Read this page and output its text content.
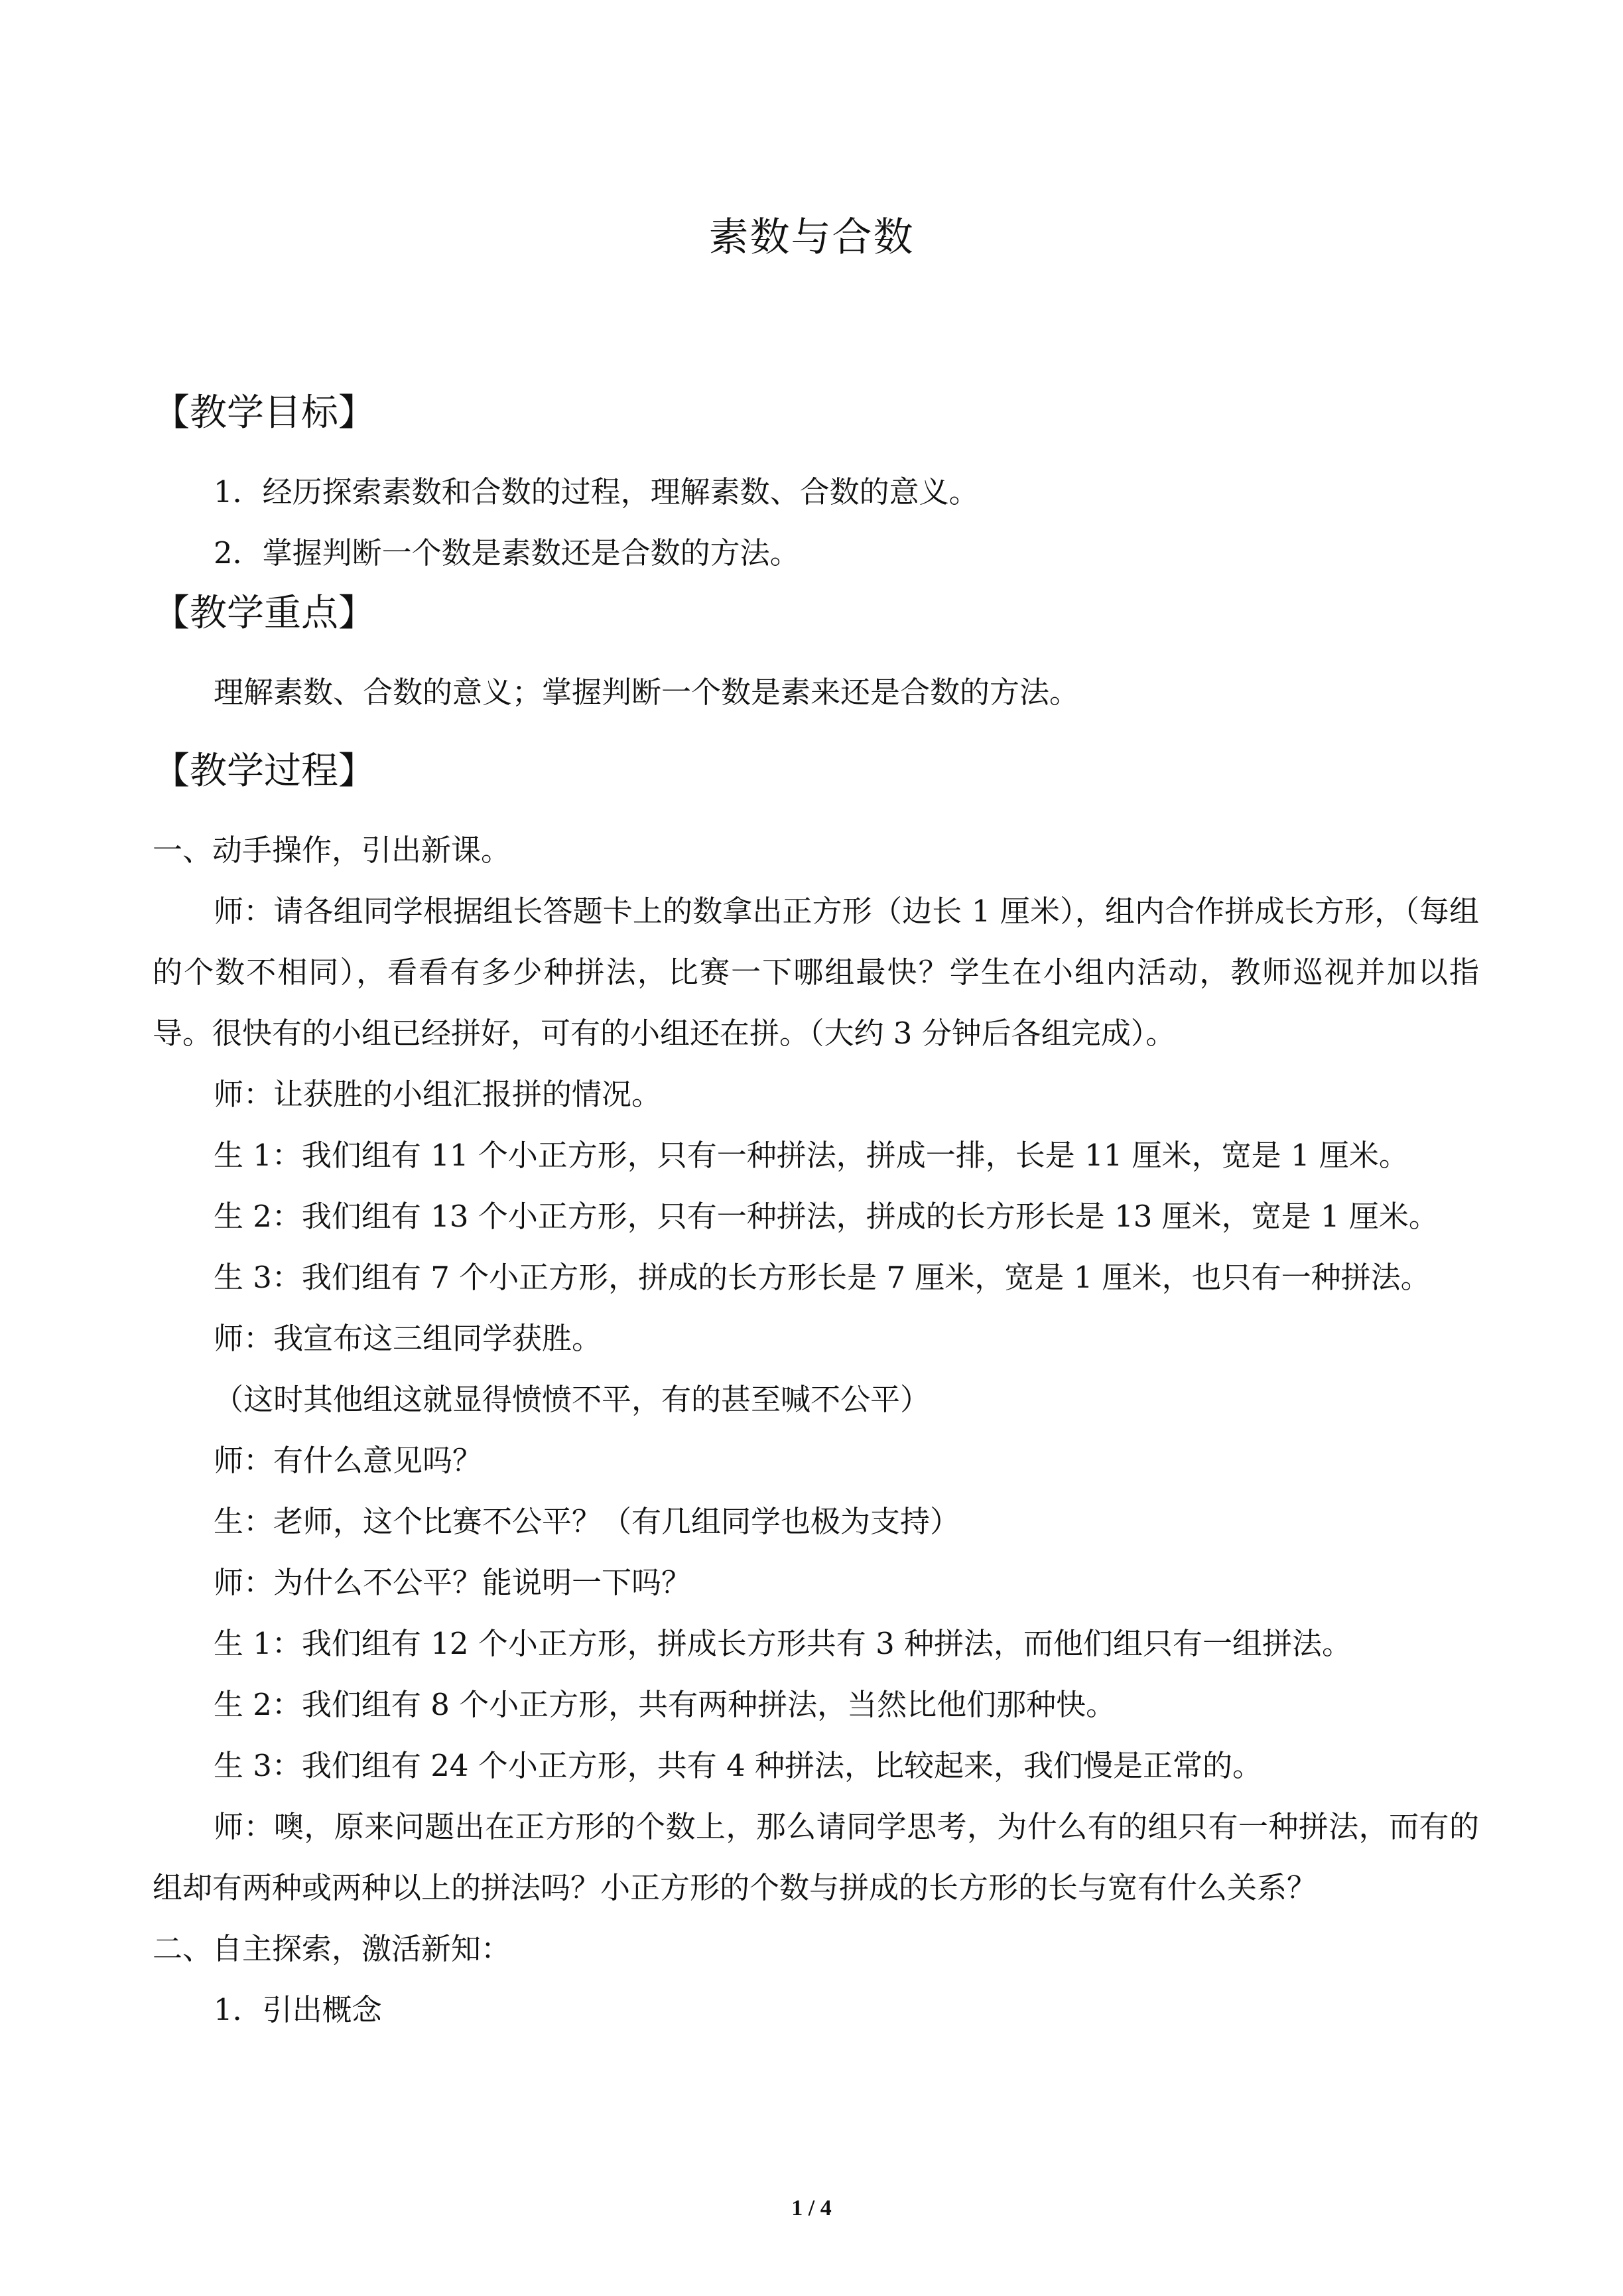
素数与合数
【教学目标】

1．经历探索素数和合数的过程，理解素数、合数的意义。

2．掌握判断一个数是素数还是合数的方法。

【教学重点】

理解素数、合数的意义；掌握判断一个数是素来还是合数的方法。

【教学过程】

一、动手操作，引出新课。

师：请各组同学根据组长答题卡上的数拿出正方形（边长 1 厘米），组内合作拼成长方形，（每组的个数不相同），看看有多少种拼法，比赛一下哪组最快？学生在小组内活动，教师巡视并加以指导。很快有的小组已经拼好，可有的小组还在拼。（大约 3 分钟后各组完成）。

师：让获胜的小组汇报拼的情况。

生 1：我们组有 11 个小正方形，只有一种拼法，拼成一排，长是 11 厘米，宽是 1 厘米。

生 2：我们组有 13 个小正方形，只有一种拼法，拼成的长方形长是 13 厘米，宽是 1 厘米。

生 3：我们组有 7 个小正方形，拼成的长方形长是 7 厘米，宽是 1 厘米，也只有一种拼法。

师：我宣布这三组同学获胜。

（这时其他组这就显得愤愤不平，有的甚至喊不公平）

师：有什么意见吗？

生：老师，这个比赛不公平？（有几组同学也极为支持）

师：为什么不公平？能说明一下吗？

生 1：我们组有 12 个小正方形，拼成长方形共有 3 种拼法，而他们组只有一组拼法。

生 2：我们组有 8 个小正方形，共有两种拼法，当然比他们那种快。

生 3：我们组有 24 个小正方形，共有 4 种拼法，比较起来，我们慢是正常的。

师：噢，原来问题出在正方形的个数上，那么请同学思考，为什么有的组只有一种拼法，而有的组却有两种或两种以上的拼法吗？小正方形的个数与拼成的长方形的长与宽有什么关系？

二、自主探索，激活新知：

1．引出概念

1 / 4
